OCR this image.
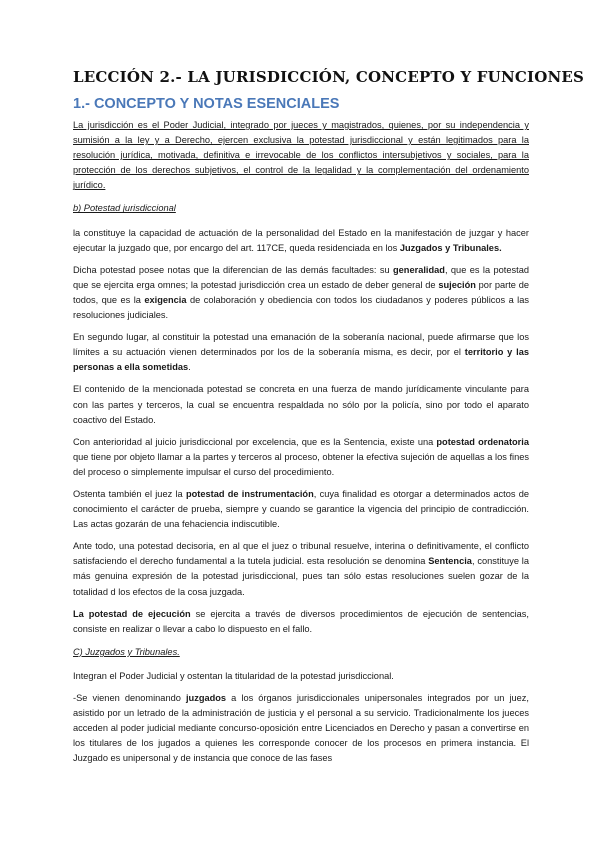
LECCIÓN 2.- LA JURISDICCIÓN, CONCEPTO Y FUNCIONES
1.- CONCEPTO Y NOTAS ESENCIALES

La jurisdicción es el Poder Judicial, integrado por jueces y magistrados, quienes, por su independencia y sumisión a la ley y a Derecho, ejercen exclusiva la potestad jurisdiccional y están legitimados para la resolución jurídica, motivada, definitiva e irrevocable de los conflictos intersubjetivos y sociales, para la protección de los derechos subjetivos, el control de la legalidad y la complementación del ordenamiento jurídico.

b) Potestad jurisdiccional

la constituye la capacidad de actuación de la personalidad del Estado en la manifestación de juzgar y hacer ejecutar la juzgado que, por encargo del art. 117CE, queda residenciada en los Juzgados y Tribunales.

Dicha potestad posee notas que la diferencian de las demás facultades: su generalidad, que es la potestad que se ejercita erga omnes; la potestad jurisdicción crea un estado de deber general de sujeción por parte de todos, que es la exigencia de colaboración y obediencia con todos los ciudadanos y poderes públicos a las resoluciones judiciales.

En segundo lugar, al constituir la potestad una emanación de la soberanía nacional, puede afirmarse que los límites a su actuación vienen determinados por los de la soberanía misma, es decir, por el territorio y las personas a ella sometidas.

El contenido de la mencionada potestad se concreta en una fuerza de mando jurídicamente vinculante para con las partes y terceros, la cual se encuentra respaldada no sólo por la policía, sino por todo el aparato coactivo del Estado.

Con anterioridad al juicio jurisdiccional por excelencia, que es la Sentencia, existe una potestad ordenatoria que tiene por objeto llamar a la partes y terceros al proceso, obtener la efectiva sujeción de aquellas a los fines del proceso o simplemente impulsar el curso del procedimiento.

Ostenta también el juez la potestad de instrumentación, cuya finalidad es otorgar a determinados actos de conocimiento el carácter de prueba, siempre y cuando se garantice la vigencia del principio de contradicción. Las actas gozarán de una fehaciencia indiscutible.

Ante todo, una potestad decisoria, en al que el juez o tribunal resuelve, interina o definitivamente, el conflicto satisfaciendo el derecho fundamental a la tutela judicial. esta resolución se denomina Sentencia, constituye la más genuina expresión de la potestad jurisdiccional, pues tan sólo estas resoluciones suelen gozar de la totalidad d los efectos de la cosa juzgada.

La potestad de ejecución se ejercita a través de diversos procedimientos de ejecución de sentencias, consiste en realizar o llevar a cabo lo dispuesto en el fallo.

C) Juzgados y Tribunales.

Integran el Poder Judicial y ostentan la titularidad de la potestad jurisdiccional.

-Se vienen denominando juzgados a los órganos jurisdiccionales unipersonales integrados por un juez, asistido por un letrado de la administración de justicia y el personal a su servicio. Tradicionalmente los jueces acceden al poder judicial mediante concurso-oposición entre Licenciados en Derecho y pasan a convertirse en los titulares de los jugados a quienes les corresponde conocer de los procesos en primera instancia. El Juzgado es unipersonal y de instancia que conoce de las fases
